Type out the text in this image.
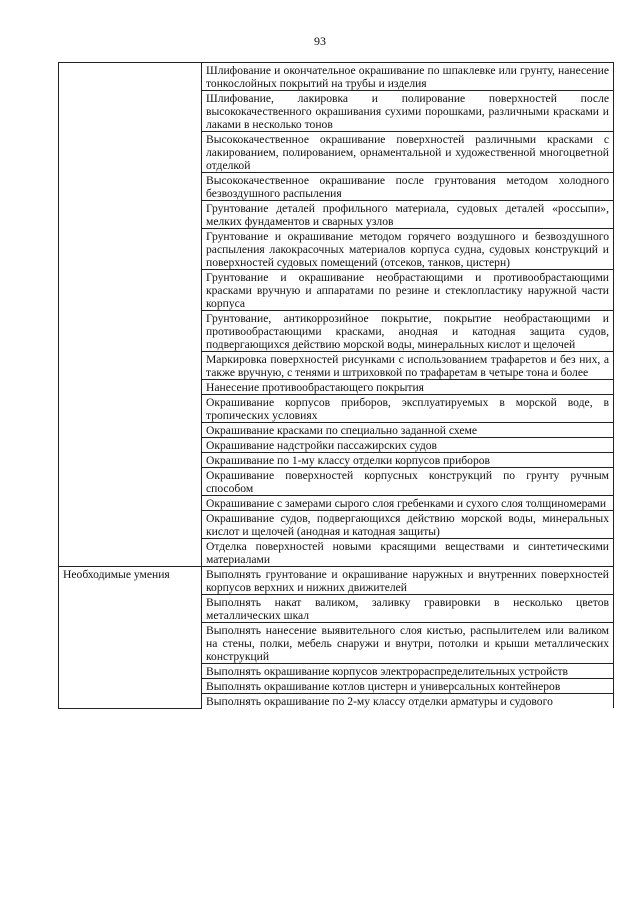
93
	Шлифование и окончательное окрашивание по шпаклевке или грунту, нанесение тонкослойных покрытий на трубы и изделия
	Шлифование, лакировка и полирование поверхностей после высококачественного окрашивания сухими порошками, различными красками и лаками в несколько тонов
	Высококачественное окрашивание поверхностей различными красками с лакированием, полированием, орнаментальной и художественной многоцветной отделкой
	Высококачественное окрашивание после грунтования методом холодного безвоздушного распыления
	Грунтование деталей профильного материала, судовых деталей «россыпи», мелких фундаментов и сварных узлов
	Грунтование и окрашивание методом горячего воздушного и безвоздушного распыления лакокрасочных материалов корпуса судна, судовых конструкций и поверхностей судовых помещений (отсеков, танков, цистерн)
	Грунтование и окрашивание необрастающими и противообрастающими красками вручную и аппаратами по резине и стеклопластику наружной части корпуса
	Грунтование, антикоррозийное покрытие, покрытие необрастающими и противообрастающими красками, анодная и катодная защита судов, подвергающихся действию морской воды, минеральных кислот и щелочей
	Маркировка поверхностей рисунками с использованием трафаретов и без них, а также вручную, с тенями и штриховкой по трафаретам в четыре тона и более
	Нанесение противообрастающего покрытия
	Окрашивание корпусов приборов, эксплуатируемых в морской воде, в тропических условиях
	Окрашивание красками по специально заданной схеме
	Окрашивание надстройки пассажирских судов
	Окрашивание по 1-му классу отделки корпусов приборов
	Окрашивание поверхностей корпусных конструкций по грунту ручным способом
	Окрашивание с замерами сырого слоя гребенками и сухого слоя толщиномерами
	Окрашивание судов, подвергающихся действию морской воды, минеральных кислот и щелочей (анодная и катодная защиты)
	Отделка поверхностей новыми красящими веществами и синтетическими материалами
Необходимые умения	Выполнять грунтование и окрашивание наружных и внутренних поверхностей корпусов верхних и нижних движителей
	Выполнять накат валиком, заливку гравировки в несколько цветов металлических шкал
	Выполнять нанесение выявительного слоя кистью, распылителем или валиком на стены, полки, мебель снаружи и внутри, потолки и крыши металлических конструкций
	Выполнять окрашивание корпусов электрораспределительных устройств
	Выполнять окрашивание котлов цистерн и универсальных контейнеров
	Выполнять окрашивание по 2-му классу отделки арматуры и судового
